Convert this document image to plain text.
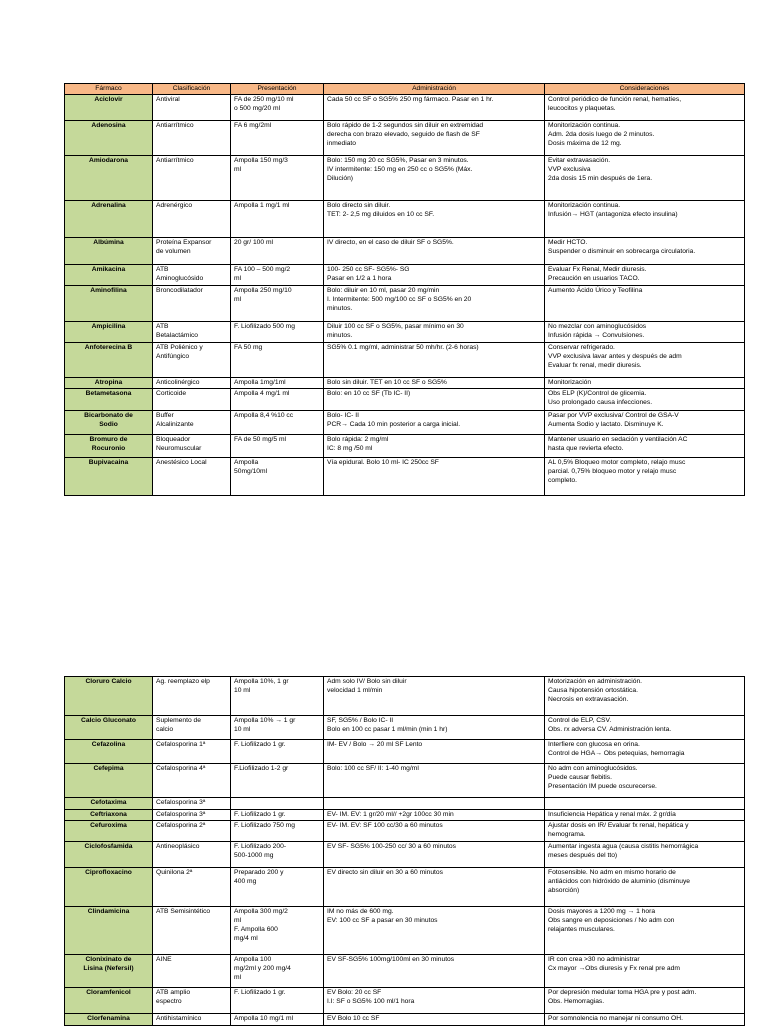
Fármaco	Clasificación	Presentación	Administración	Consideraciones

Aciclovir	Antiviral	FA de 250 mg/10 ml
o 500 mg/20 ml	Cada 50 cc SF o SG5% 250 mg fármaco. Pasar en 1 hr.	Control periódico de función renal, hematíes,
leucocitos y plaquetas.

Adenosina	Antiarrítmico	FA 6 mg/2ml	Bolo rápido de 1-2 segundos sin diluir en extremidad
derecha con brazo elevado, seguido de flash de SF
inmediato	Monitorización continua.
Adm. 2da dosis luego de 2 minutos.
Dosis máxima de 12 mg.

Amiodarona	Antiarrítmico	Ampolla 150 mg/3
ml	Bolo: 150 mg 20 cc SG5%, Pasar en 3 minutos.
IV intermitente: 150 mg en 250 cc o SG5% (Máx.
Dilución)	Evitar extravasación.
VVP exclusiva
2da dosis 15 min después de 1era.

Adrenalina	Adrenérgico	Ampolla 1 mg/1 ml	Bolo directo sin diluir.
TET: 2- 2,5 mg diluidos en 10 cc SF.	Monitorización continua.
Infusión→ HGT (antagoniza efecto insulina)

Albúmina	Proteína Expansor
de volumen	20 gr/ 100 ml	IV directo, en el caso de diluir SF o SG5%.	Medir HCTO.
Suspender o disminuir en sobrecarga circulatoria.

Amikacina	ATB
Aminoglucósido	FA 100 – 500 mg/2
ml	100- 250 cc SF- SG5%- SG
Pasar en 1/2 a 1 hora	Evaluar Fx Renal, Medir diuresis.
Precaución en usuarios TACO.

Aminofilina	Broncodilatador	Ampolla 250 mg/10
ml	Bolo: diluir en 10 ml, pasar 20 mg/min
I. Intermitente: 500 mg/100 cc SF o SG5% en 20
minutos.	Aumento Ácido Úrico y Teofilina

Ampicilina	ATB
Betalactámico	F. Liofilizado 500 mg	Diluir 100 cc SF o SG5%, pasar mínimo en 30
minutos.	No mezclar con aminoglucósidos
Infusión rápida → Convulsiones.

Anfoterecina B	ATB Poliénico y
Antifúngico	FA 50 mg	SG5% 0.1 mg/ml, administrar 50 mh/hr. (2-6 horas)	Conservar refrigerado.
VVP exclusiva lavar antes y después de adm
Evaluar fx renal, medir diuresis.

Atropina	Anticolinérgico	Ampolla 1mg/1ml	Bolo sin diluir. TET en 10 cc SF o SG5%	Monitorización

Betametasona	Corticoide	Ampolla 4 mg/1 ml	Bolo: en 10 cc SF (Tb IC- II)	Obs ELP (K)/Control de glicemia.
Uso prolongado causa infecciones.

Bicarbonato de
Sodio	Buffer
Alcalinizante	Ampolla 8,4 %10 cc	Bolo- IC- II
PCR→ Cada 10 min posterior a carga inicial.	Pasar por VVP exclusiva/ Control de GSA-V
Aumenta Sodio y lactato. Disminuye K.

Bromuro de
Rocuronio	Bloqueador
Neuromuscular	FA de 50 mg/5 ml	Bolo rápida: 2 mg/ml
IC: 8 mg /50 ml	Mantener usuario en sedación y ventilación AC
hasta que revierta efecto.

Bupivacaina	Anestésico Local	Ampolla
50mg/10ml	Vía epidural. Bolo 10 ml- IC 250cc SF	AL 0,5% Bloqueo motor completo, relajo musc
parcial. 0,75% bloqueo motor y relajo musc
completo.
Cloruro Calcio	Ag. reemplazo elp	Ampolla 10%, 1 gr
10 ml	Adm solo IV/ Bolo sin diluir
velocidad 1 ml/min	Motorización en administración.
Causa hipotensión ortostática.
Necrosis en extravasación.

Calcio Gluconato	Suplemento de
calcio	Ampolla 10% → 1 gr
10 ml	SF, SG5% / Bolo IC- II
Bolo en 100 cc pasar 1 ml/min (min 1 hr)	Control de ELP, CSV.
Obs. rx adversa CV. Administración lenta.

Cefazolina	Cefalosporina 1ª	F. Liofilizado 1 gr.	IM- EV / Bolo → 20 ml SF Lento	Interfiere con glucosa en orina.
Control de HGA→ Obs petequias, hemorragia

Cefepima	Cefalosporina 4ª	F.Liofilizado 1-2 gr	Bolo: 100 cc SF/ II: 1-40 mg/ml	No adm con aminoglucósidos.
Puede causar flebitis.
Presentación IM puede oscurecerse.

Cefotaxima	Cefalosporina 3ª			

Ceftriaxona	Cefalosporina 3ª	F. Liofilizado 1 gr.	EV- IM. EV: 1 gr/20 ml// +2gr 100cc 30 min	Insuficiencia Hepática y renal máx. 2 gr/día

Cefuroxima	Cefalosporina 2ª	F. Liofilizado 750 mg	EV- IM. EV: SF 100 cc/30 a 60 minutos	Ajustar dosis en IR/ Evaluar fx renal, hepática y
hemograma.

Ciclofosfamida	Antineoplásico	F. Liofilizado 200-
500-1000 mg	EV SF- SG5% 100-250 cc/ 30 a 60 minutos	Aumentar ingesta agua (causa cistitis hemorrágica
meses después del tto)

Ciprofloxacino	Quinilona 2ª	Preparado 200 y
400 mg	EV directo sin diluir en 30 a 60 minutos	Fotosensible. No adm en mismo horario de
antiácidos con hidróxido de aluminio (disminuye
absorción)

Clindamicina	ATB Semisintético	Ampolla 300 mg/2
ml
F. Ampolla 600
mg/4 ml	IM no más de 600 mg.
EV: 100 cc SF a pasar en 30 minutos	Dosis mayores a 1200 mg → 1 hora
Obs sangre en deposiciones / No adm con
relajantes musculares.

Clonixinato de
Lisina (Nefersil)	AINE	Ampolla 100
mg/2ml y 200 mg/4
ml	EV SF-SG5% 100mg/100ml en 30 minutos	IR con crea >30 no administrar
Cx mayor →Obs diuresis y Fx renal pre adm

Cloramfenicol	ATB amplio
espectro	F. Liofilizado 1 gr.	EV Bolo: 20 cc SF
I.I: SF o SG5% 100 ml/1 hora	Por depresión medular toma HGA pre y post adm.
Obs. Hemorragias.

Clorfenamina	Antihistamínico	Ampolla 10 mg/1 ml	EV Bolo 10 cc SF	Por somnolencia no manejar ni consumo OH.
